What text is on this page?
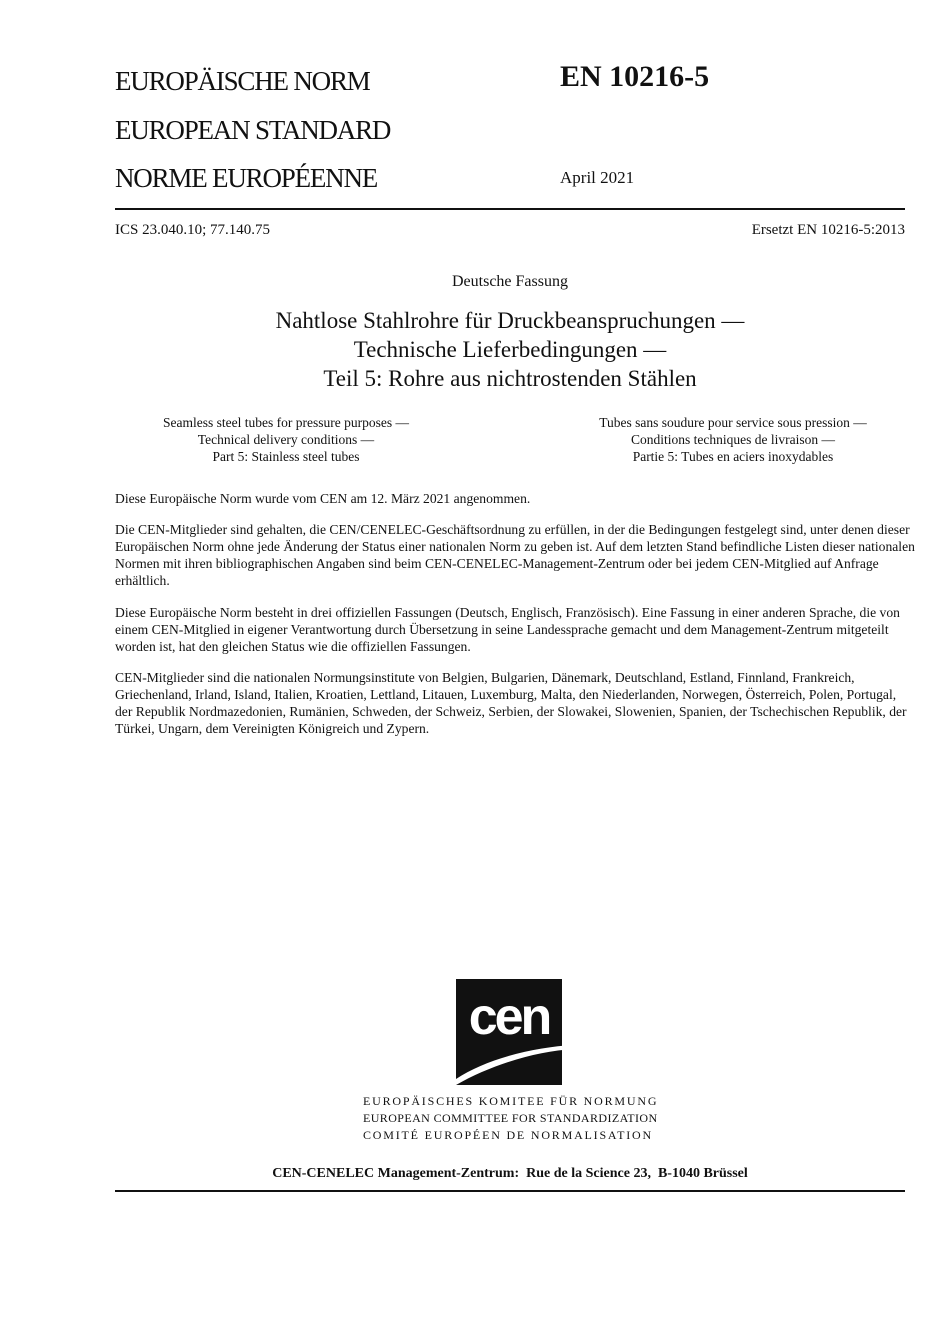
EUROPÄISCHE NORM
EUROPEAN STANDARD
NORME EUROPÉENNE
EN 10216-5
April 2021
ICS 23.040.10; 77.140.75	Ersetzt EN 10216-5:2013
Deutsche Fassung
Nahtlose Stahlrohre für Druckbeanspruchungen —
Technische Lieferbedingungen —
Teil 5: Rohre aus nichtrostenden Stählen
Seamless steel tubes for pressure purposes —
Technical delivery conditions —
Part 5: Stainless steel tubes
Tubes sans soudure pour service sous pression —
Conditions techniques de livraison —
Partie 5: Tubes en aciers inoxydables

Diese Europäische Norm wurde vom CEN am 12. März 2021 angenommen.

Die CEN-Mitglieder sind gehalten, die CEN/CENELEC-Geschäftsordnung zu erfüllen, in der die Bedingungen festgelegt sind, unter denen dieser Europäischen Norm ohne jede Änderung der Status einer nationalen Norm zu geben ist. Auf dem letzten Stand befindliche Listen dieser nationalen Normen mit ihren bibliographischen Angaben sind beim CEN-CENELEC-Management-Zentrum oder bei jedem CEN-Mitglied auf Anfrage erhältlich.

Diese Europäische Norm besteht in drei offiziellen Fassungen (Deutsch, Englisch, Französisch). Eine Fassung in einer anderen Sprache, die von einem CEN-Mitglied in eigener Verantwortung durch Übersetzung in seine Landessprache gemacht und dem Management-Zentrum mitgeteilt worden ist, hat den gleichen Status wie die offiziellen Fassungen.

CEN-Mitglieder sind die nationalen Normungsinstitute von Belgien, Bulgarien, Dänemark, Deutschland, Estland, Finnland, Frankreich, Griechenland, Irland, Island, Italien, Kroatien, Lettland, Litauen, Luxemburg, Malta, den Niederlanden, Norwegen, Österreich, Polen, Portugal, der Republik Nordmazedonien, Rumänien, Schweden, der Schweiz, Serbien, der Slowakei, Slowenien, Spanien, der Tschechischen Republik, der Türkei, Ungarn, dem Vereinigten Königreich und Zypern.

cen
EUROPÄISCHES KOMITEE FÜR NORMUNG
EUROPEAN COMMITTEE FOR STANDARDIZATION
COMITÉ EUROPÉEN DE NORMALISATION
CEN-CENELEC Management-Zentrum:  Rue de la Science 23,  B-1040 Brüssel
